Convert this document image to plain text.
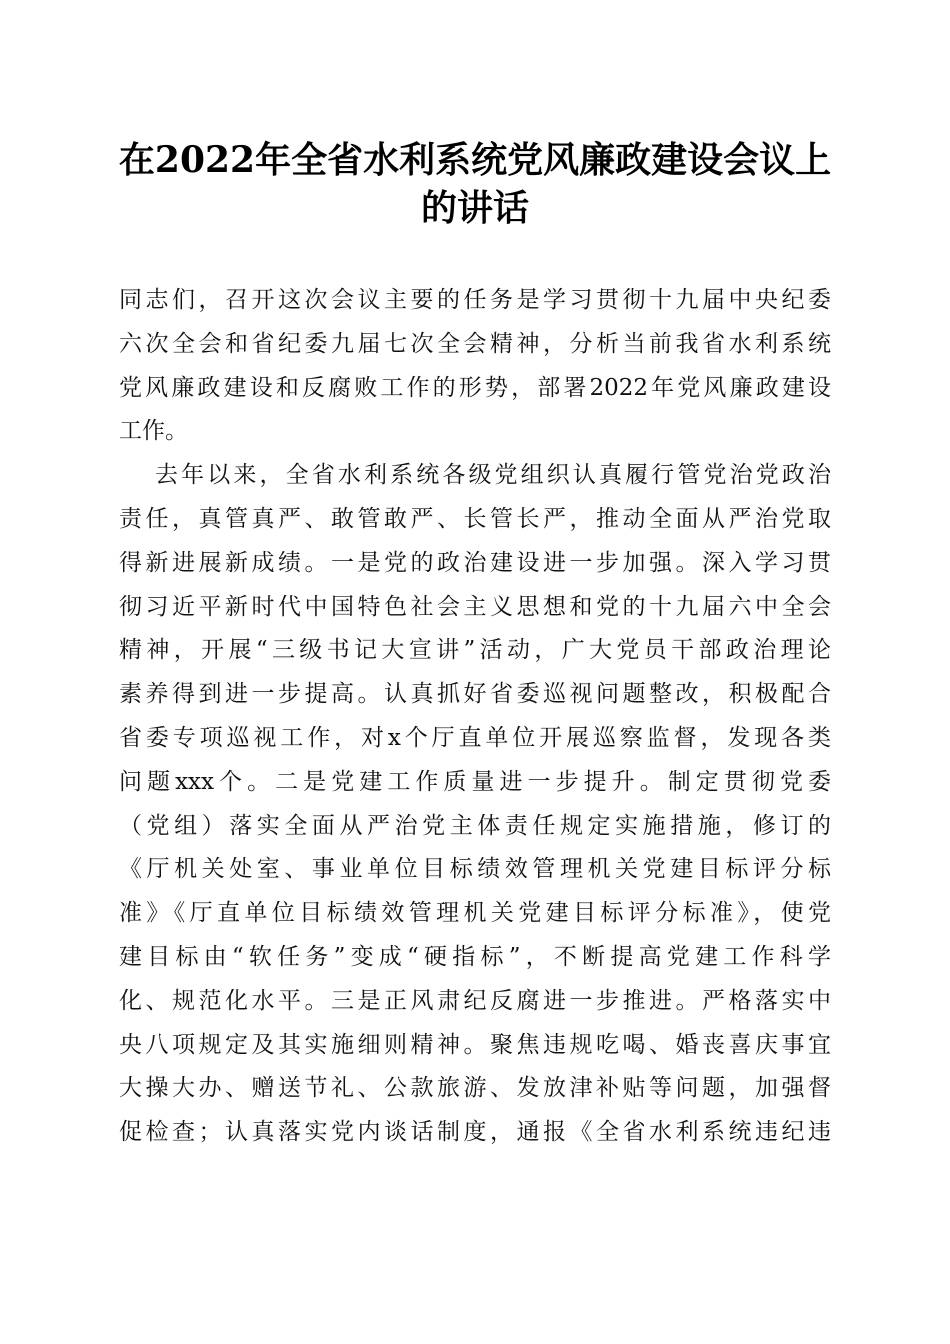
在2022年全省水利系统党风廉政建设会议上
的讲话
同志们，召开这次会议主要的任务是学习贯彻十九届中央纪委
六次全会和省纪委九届七次全会精神，分析当前我省水利系统
党风廉政建设和反腐败工作的形势，部署2022年党风廉政建设
工作。
去年以来，全省水利系统各级党组织认真履行管党治党政治
责任，真管真严、敢管敢严、长管长严，推动全面从严治党取
得新进展新成绩。一是党的政治建设进一步加强。深入学习贯
彻习近平新时代中国特色社会主义思想和党的十九届六中全会
精神，开展“三级书记大宣讲”活动，广大党员干部政治理论
素养得到进一步提高。认真抓好省委巡视问题整改，积极配合
省委专项巡视工作，对x个厅直单位开展巡察监督，发现各类
问题xxx个。二是党建工作质量进一步提升。制定贯彻党委
（党组）落实全面从严治党主体责任规定实施措施，修订的
《厅机关处室、事业单位目标绩效管理机关党建目标评分标
准》《厅直单位目标绩效管理机关党建目标评分标准》，使党
建目标由“软任务”变成“硬指标”，不断提高党建工作科学
化、规范化水平。三是正风肃纪反腐进一步推进。严格落实中
央八项规定及其实施细则精神。聚焦违规吃喝、婚丧喜庆事宜
大操大办、赠送节礼、公款旅游、发放津补贴等问题，加强督
促检查；认真落实党内谈话制度，通报《全省水利系统违纪违
